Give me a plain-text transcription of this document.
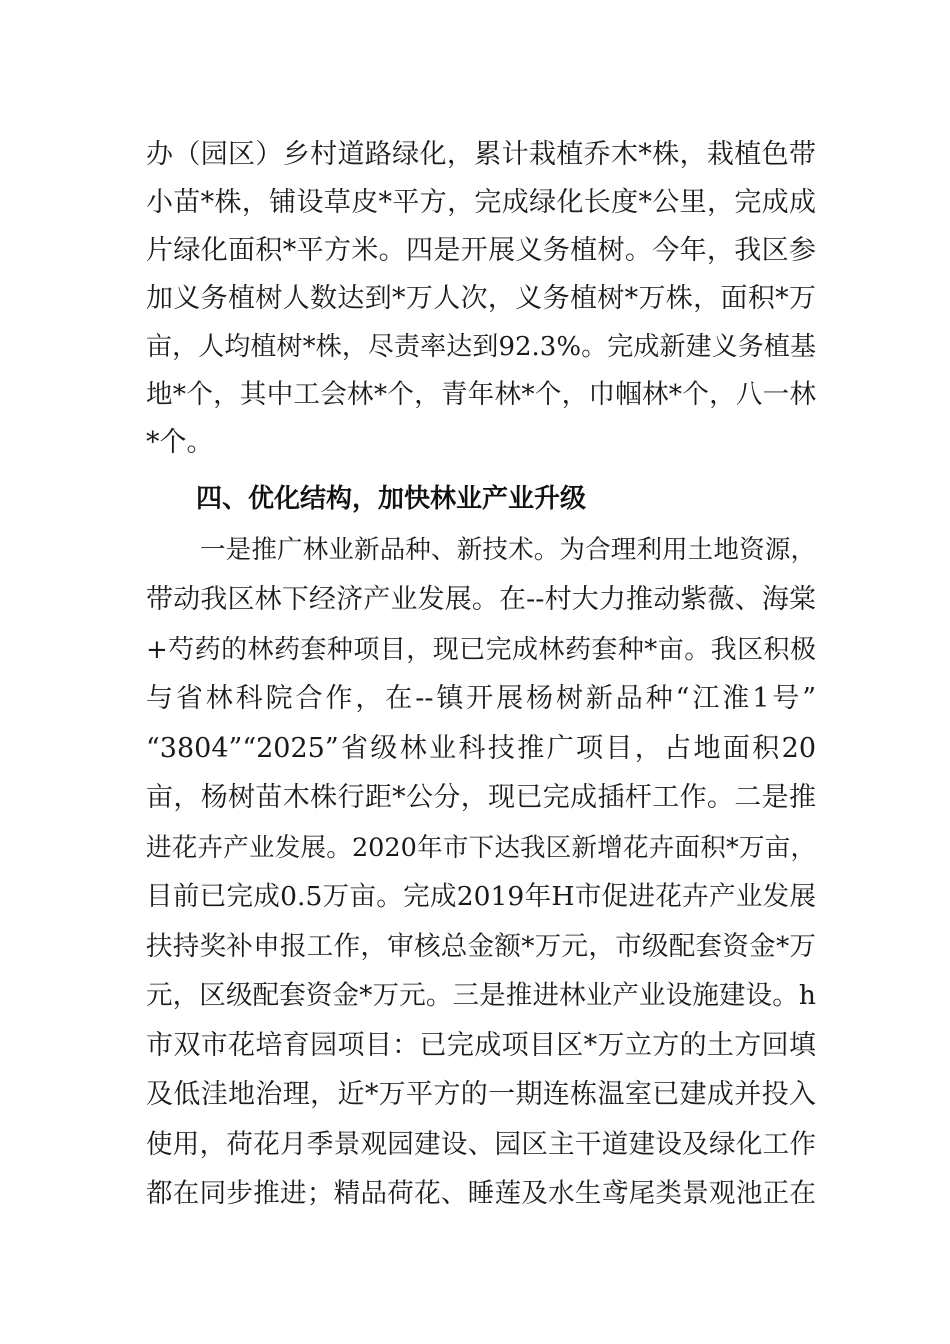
办（园区）乡村道路绿化，累计栽植乔木*株，栽植色带
小苗*株，铺设草皮*平方，完成绿化长度*公里，完成成
片绿化面积*平方米。四是开展义务植树。今年，我区参
加义务植树人数达到*万人次，义务植树*万株，面积*万
亩，人均植树*株，尽责率达到92.3%。完成新建义务植基
地*个，其中工会林*个，青年林*个，巾帼林*个，八一林
*个。
四、优化结构，加快林业产业升级
一是推广林业新品种、新技术。为合理利用土地资源，
带动我区林下经济产业发展。在--村大力推动紫薇、海棠
+芍药的林药套种项目，现已完成林药套种*亩。我区积极
与省林科院合作，在--镇开展杨树新品种“江淮1号”
“3804”“2025”省级林业科技推广项目，占地面积20
亩，杨树苗木株行距*公分，现已完成插杆工作。二是推
进花卉产业发展。2020年市下达我区新增花卉面积*万亩，
目前已完成0.5万亩。完成2019年H市促进花卉产业发展
扶持奖补申报工作，审核总金额*万元，市级配套资金*万
元，区级配套资金*万元。三是推进林业产业设施建设。h
市双市花培育园项目：已完成项目区*万立方的土方回填
及低洼地治理，近*万平方的一期连栋温室已建成并投入
使用，荷花月季景观园建设、园区主干道建设及绿化工作
都在同步推进；精品荷花、睡莲及水生鸢尾类景观池正在
